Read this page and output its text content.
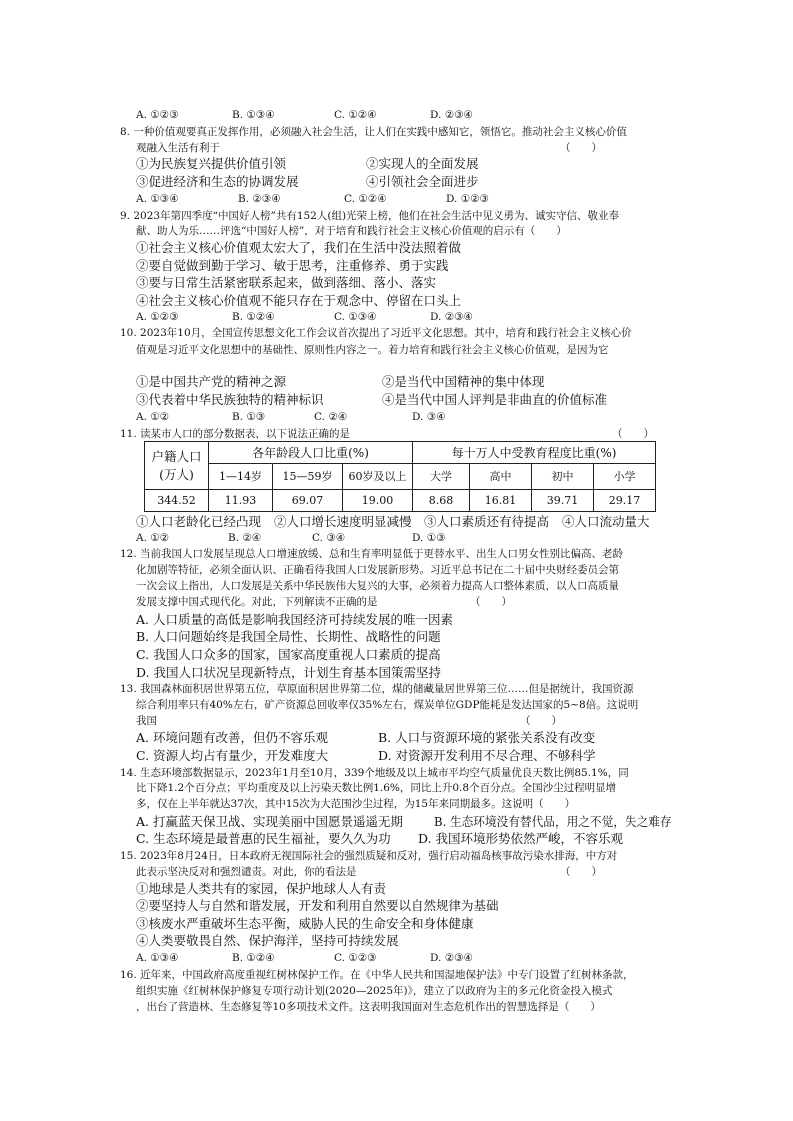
A. ①②③	B. ①③④	C. ①②④	D. ②③④
8. 一种价值观要真正发挥作用，必须融入社会生活，让人们在实践中感知它，领悟它。推动社会主义核心价值
观融入生活有利于	（　　）
①为民族复兴提供价值引领	②实现人的全面发展
③促进经济和生态的协调发展	④引领社会全面进步
A. ①③④	B. ②③④	C. ①②④	D. ①②③
9. 2023年第四季度“中国好人榜”共有152人(组)光荣上榜，他们在社会生活中见义勇为、诚实守信、敬业奉
献、助人为乐……评选“中国好人榜”，对于培育和践行社会主义核心价值观的启示有（　　）
①社会主义核心价值观太宏大了，我们在生活中没法照着做
②要自觉做到勤于学习、敏于思考，注重修养、勇于实践
③要与日常生活紧密联系起来，做到落细、落小、落实
④社会主义核心价值观不能只存在于观念中、停留在口头上
A. ①②③	B. ①②④	C. ①③④	D. ②③④
10. 2023年10月，全国宣传思想文化工作会议首次提出了习近平文化思想。其中，培育和践行社会主义核心价
值观是习近平文化思想中的基础性、原则性内容之一。着力培育和践行社会主义核心价值观，是因为它
①是中国共产党的精神之源	②是当代中国精神的集中体现
③代表着中华民族独特的精神标识	④是当代中国人评判是非曲直的价值标准
A. ①②	B. ①③	C. ②④	D. ③④
11. 读某市人口的部分数据表，以下说法正确的是	（　　）
户籍人口
(万人)	各年龄段人口比重(%)			每十万人中受教育程度比重(%)			
	1—14岁	15—59岁	60岁及以上	大学	高中	初中	小学
344.52	11.93	69.07	19.00	8.68	16.81	39.71	29.17
①人口老龄化已经凸现 ②人口增长速度明显减慢 ③人口素质还有待提高 ④人口流动量大
A. ①②	B. ②④	C. ③④	D. ①③
12. 当前我国人口发展呈现总人口增速放缓、总和生育率明显低于更替水平、出生人口男女性别比偏高、老龄
化加剧等特征，必须全面认识、正确看待我国人口发展新形势。习近平总书记在二十届中央财经委员会第
一次会议上指出，人口发展是关系中华民族伟大复兴的大事，必须着力提高人口整体素质，以人口高质量
发展支撑中国式现代化。对此，下列解读不正确的是	（　　）
A. 人口质量的高低是影响我国经济可持续发展的唯一因素
B. 人口问题始终是我国全局性、长期性、战略性的问题
C. 我国人口众多的国家，国家高度重视人口素质的提高
D. 我国人口状况呈现新特点，计划生育基本国策需坚持
13. 我国森林面积居世界第五位，草原面积居世界第二位，煤的储藏量居世界第三位……但是据统计，我国资源
综合利用率只有40%左右，矿产资源总回收率仅35%左右，煤炭单位GDP能耗是发达国家的5~8倍。这说明
我国	（　　）
A. 环境问题有改善，但仍不容乐观	B. 人口与资源环境的紧张关系没有改变
C. 资源人均占有量少，开发难度大	D. 对资源开发利用不尽合理、不够科学
14. 生态环境部数据显示，2023年1月至10月，339个地级及以上城市平均空气质量优良天数比例85.1%，同
比下降1.2个百分点；平均重度及以上污染天数比例1.6%，同比上升0.8个百分点。全国沙尘过程明显增
多，仅在上半年就达37次，其中15次为大范围沙尘过程，为15年来同期最多。这说明（　　）
A. 打赢蓝天保卫战、实现美丽中国愿景遥遥无期 B. 生态环境没有替代品，用之不觉，失之难存
C. 生态环境是最普惠的民生福祉，要久久为功 D. 我国环境形势依然严峻，不容乐观
15. 2023年8月24日，日本政府无视国际社会的强烈质疑和反对，强行启动福岛核事故污染水排海，中方对
此表示坚决反对和强烈谴责。对此，你的看法是	（　　）
①地球是人类共有的家园，保护地球人人有责
②要坚持人与自然和谐发展，开发和利用自然要以自然规律为基础
③核废水严重破坏生态平衡，威胁人民的生命安全和身体健康
④人类要敬畏自然、保护海洋，坚持可持续发展
A. ①③④	B. ①②④	C. ①②③	D. ②③④
16. 近年来，中国政府高度重视红树林保护工作。在《中华人民共和国湿地保护法》中专门设置了红树林条款，
组织实施《红树林保护修复专项行动计划(2020—2025年)》，建立了以政府为主的多元化资金投入模式
，出台了营造林、生态修复等10多项技术文件。这表明我国面对生态危机作出的智慧选择是（　　）
